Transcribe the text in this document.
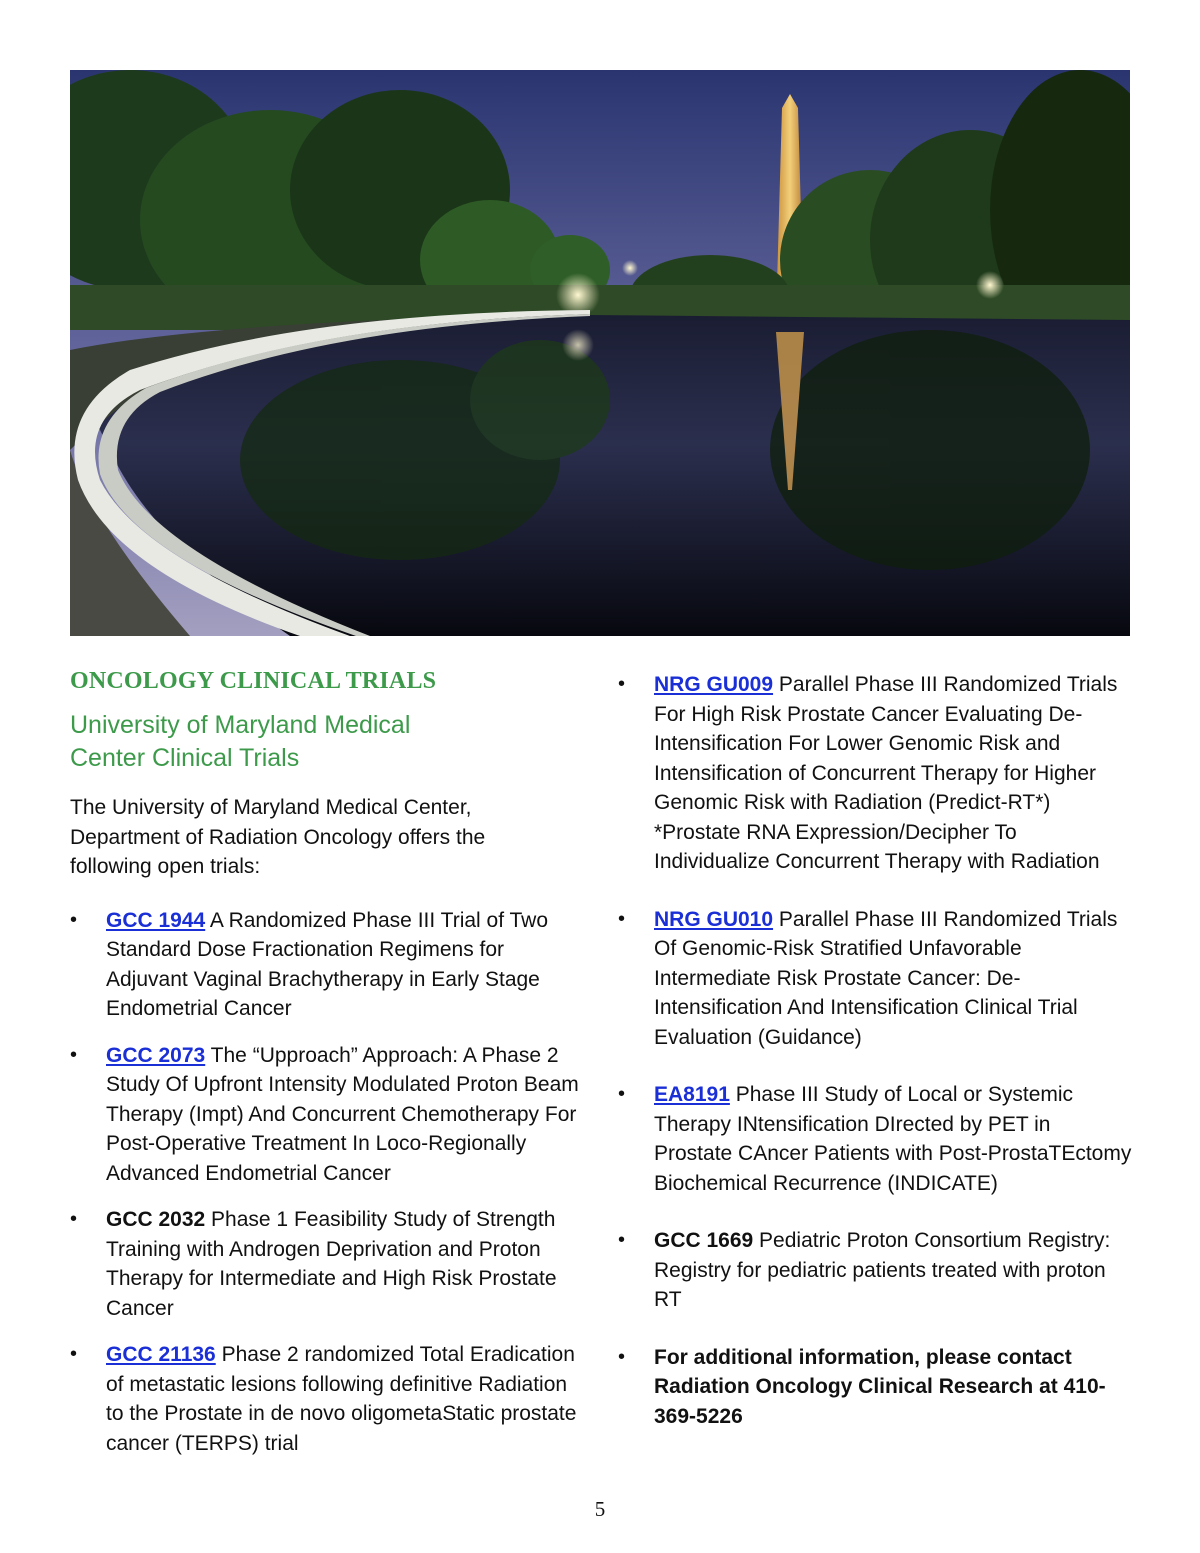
ONCOLOGY CLINICAL TRIALS
University of Maryland Medical Center Clinical Trials

The University of Maryland Medical Center, Department of Radiation Oncology offers the following open trials:

• GCC 1944 A Randomized Phase III Trial of Two Standard Dose Fractionation Regimens for Adjuvant Vaginal Brachytherapy in Early Stage Endometrial Cancer
• GCC 2073 The “Upproach” Approach: A Phase 2 Study Of Upfront Intensity Modulated Proton Beam Therapy (Impt) And Concurrent Chemotherapy For Post-Operative Treatment In Loco-Regionally Advanced Endometrial Cancer
• GCC 2032 Phase 1 Feasibility Study of Strength Training with Androgen Deprivation and Proton Therapy for Intermediate and High Risk Prostate Cancer
• GCC 21136 Phase 2 randomized Total Eradication of metastatic lesions following definitive Radiation to the Prostate in de novo oligometaStatic prostate cancer (TERPS) trial
• NRG GU009 Parallel Phase III Randomized Trials For High Risk Prostate Cancer Evaluating De-Intensification For Lower Genomic Risk and Intensification of Concurrent Therapy for Higher Genomic Risk with Radiation (Predict-RT*) *Prostate RNA Expression/Decipher To Individualize Concurrent Therapy with Radiation
• NRG GU010 Parallel Phase III Randomized Trials Of Genomic-Risk Stratified Unfavorable Intermediate Risk Prostate Cancer: De-Intensification And Intensification Clinical Trial Evaluation (Guidance)
• EA8191 Phase III Study of Local or Systemic Therapy INtensification DIrected by PET in Prostate CAncer Patients with Post-ProstaTEctomy Biochemical Recurrence (INDICATE)
• GCC 1669 Pediatric Proton Consortium Registry: Registry for pediatric patients treated with proton RT
• For additional information, please contact Radiation Oncology Clinical Research at 410-369-5226
5
